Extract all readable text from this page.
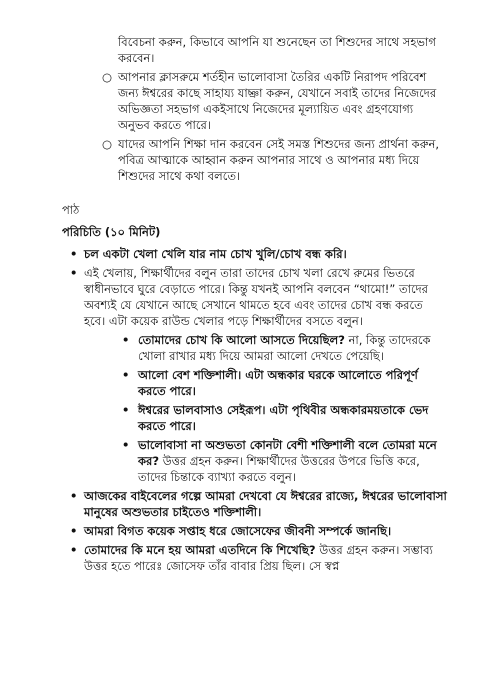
বিবেচনা করুন, কিভাবে আপনি যা শুনেছেন তা শিশুদের সাথে সহভাগ করবেন।

○ আপনার ক্লাসরুমে শর্তহীন ভালোবাসা তৈরির একটি নিরাপদ পরিবেশ জন্য ঈশ্বরের কাছে সাহায্য যাচ্ঞা করুন, যেখানে সবাই তাদের নিজেদের অভিজ্ঞতা সহভাগ একইসাথে নিজেদের মূল্যায়িত এবং গ্রহণযোগ্য অনুভব করতে পারে।
○ যাদের আপনি শিক্ষা দান করবেন সেই সমস্ত শিশুদের জন্য প্রার্থনা করুন, পবিত্র আত্মাকে আহ্বান করুন আপনার সাথে ও আপনার মধ্য দিয়ে শিশুদের সাথে কথা বলতে।

পাঠ

পরিচিতি (১০ মিনিট)

• চল একটা খেলা খেলি যার নাম চোখ খুলি/চোখ বন্ধ করি।
• এই খেলায়, শিক্ষার্থীদের বলুন তারা তাদের চোখ খলা রেখে রুমের ভিতরে স্বাধীনভাবে ঘুরে বেড়াতে পারে। কিন্তু যখনই আপনি বলবেন “থামো!” তাদের অবশ্যই যে যেখানে আছে সেখানে থামতে হবে এবং তাদের চোখ বন্ধ করতে হবে। এটা কয়েক রাউন্ড খেলার পড়ে শিক্ষার্থীদের বসতে বলুন।
• তোমাদের চোখ কি আলো আসতে দিয়েছিল? না, কিন্তু তাদেরকে খোলা রাখার মধ্য দিয়ে আমরা আলো দেখতে পেয়েছি।
• আলো বেশ শক্তিশালী। এটা অন্ধকার ঘরকে আলোতে পরিপূর্ণ করতে পারে।
• ঈশ্বরের ভালবাসাও সেইরূপ। এটা পৃথিবীর অন্ধকারময়তাকে ভেদ করতে পারে।
• ভালোবাসা না অশুভতা কোনটা বেশী শক্তিশালী বলে তোমরা মনে কর? উত্তর গ্রহন করুন। শিক্ষার্থীদের উত্তরের উপরে ভিত্তি করে, তাদের চিন্তাকে ব্যাখ্যা করতে বলুন।
• আজকের বাইবেলের গল্পে আমরা দেখবো যে ঈশ্বরের রাজ্যে, ঈশ্বরের ভালোবাসা মানুষের অশুভতার চাইতেও শক্তিশালী।
• আমরা বিগত কয়েক সপ্তাহ ধরে জোসেফের জীবনী সম্পর্কে জানছি।
• তোমাদের কি মনে হয় আমরা এতদিনে কি শিখেছি? উত্তর গ্রহন করুন। সম্ভাব্য উত্তর হতে পারেঃ জোসেফ তাঁর বাবার প্রিয় ছিল। সে স্বপ্ন
